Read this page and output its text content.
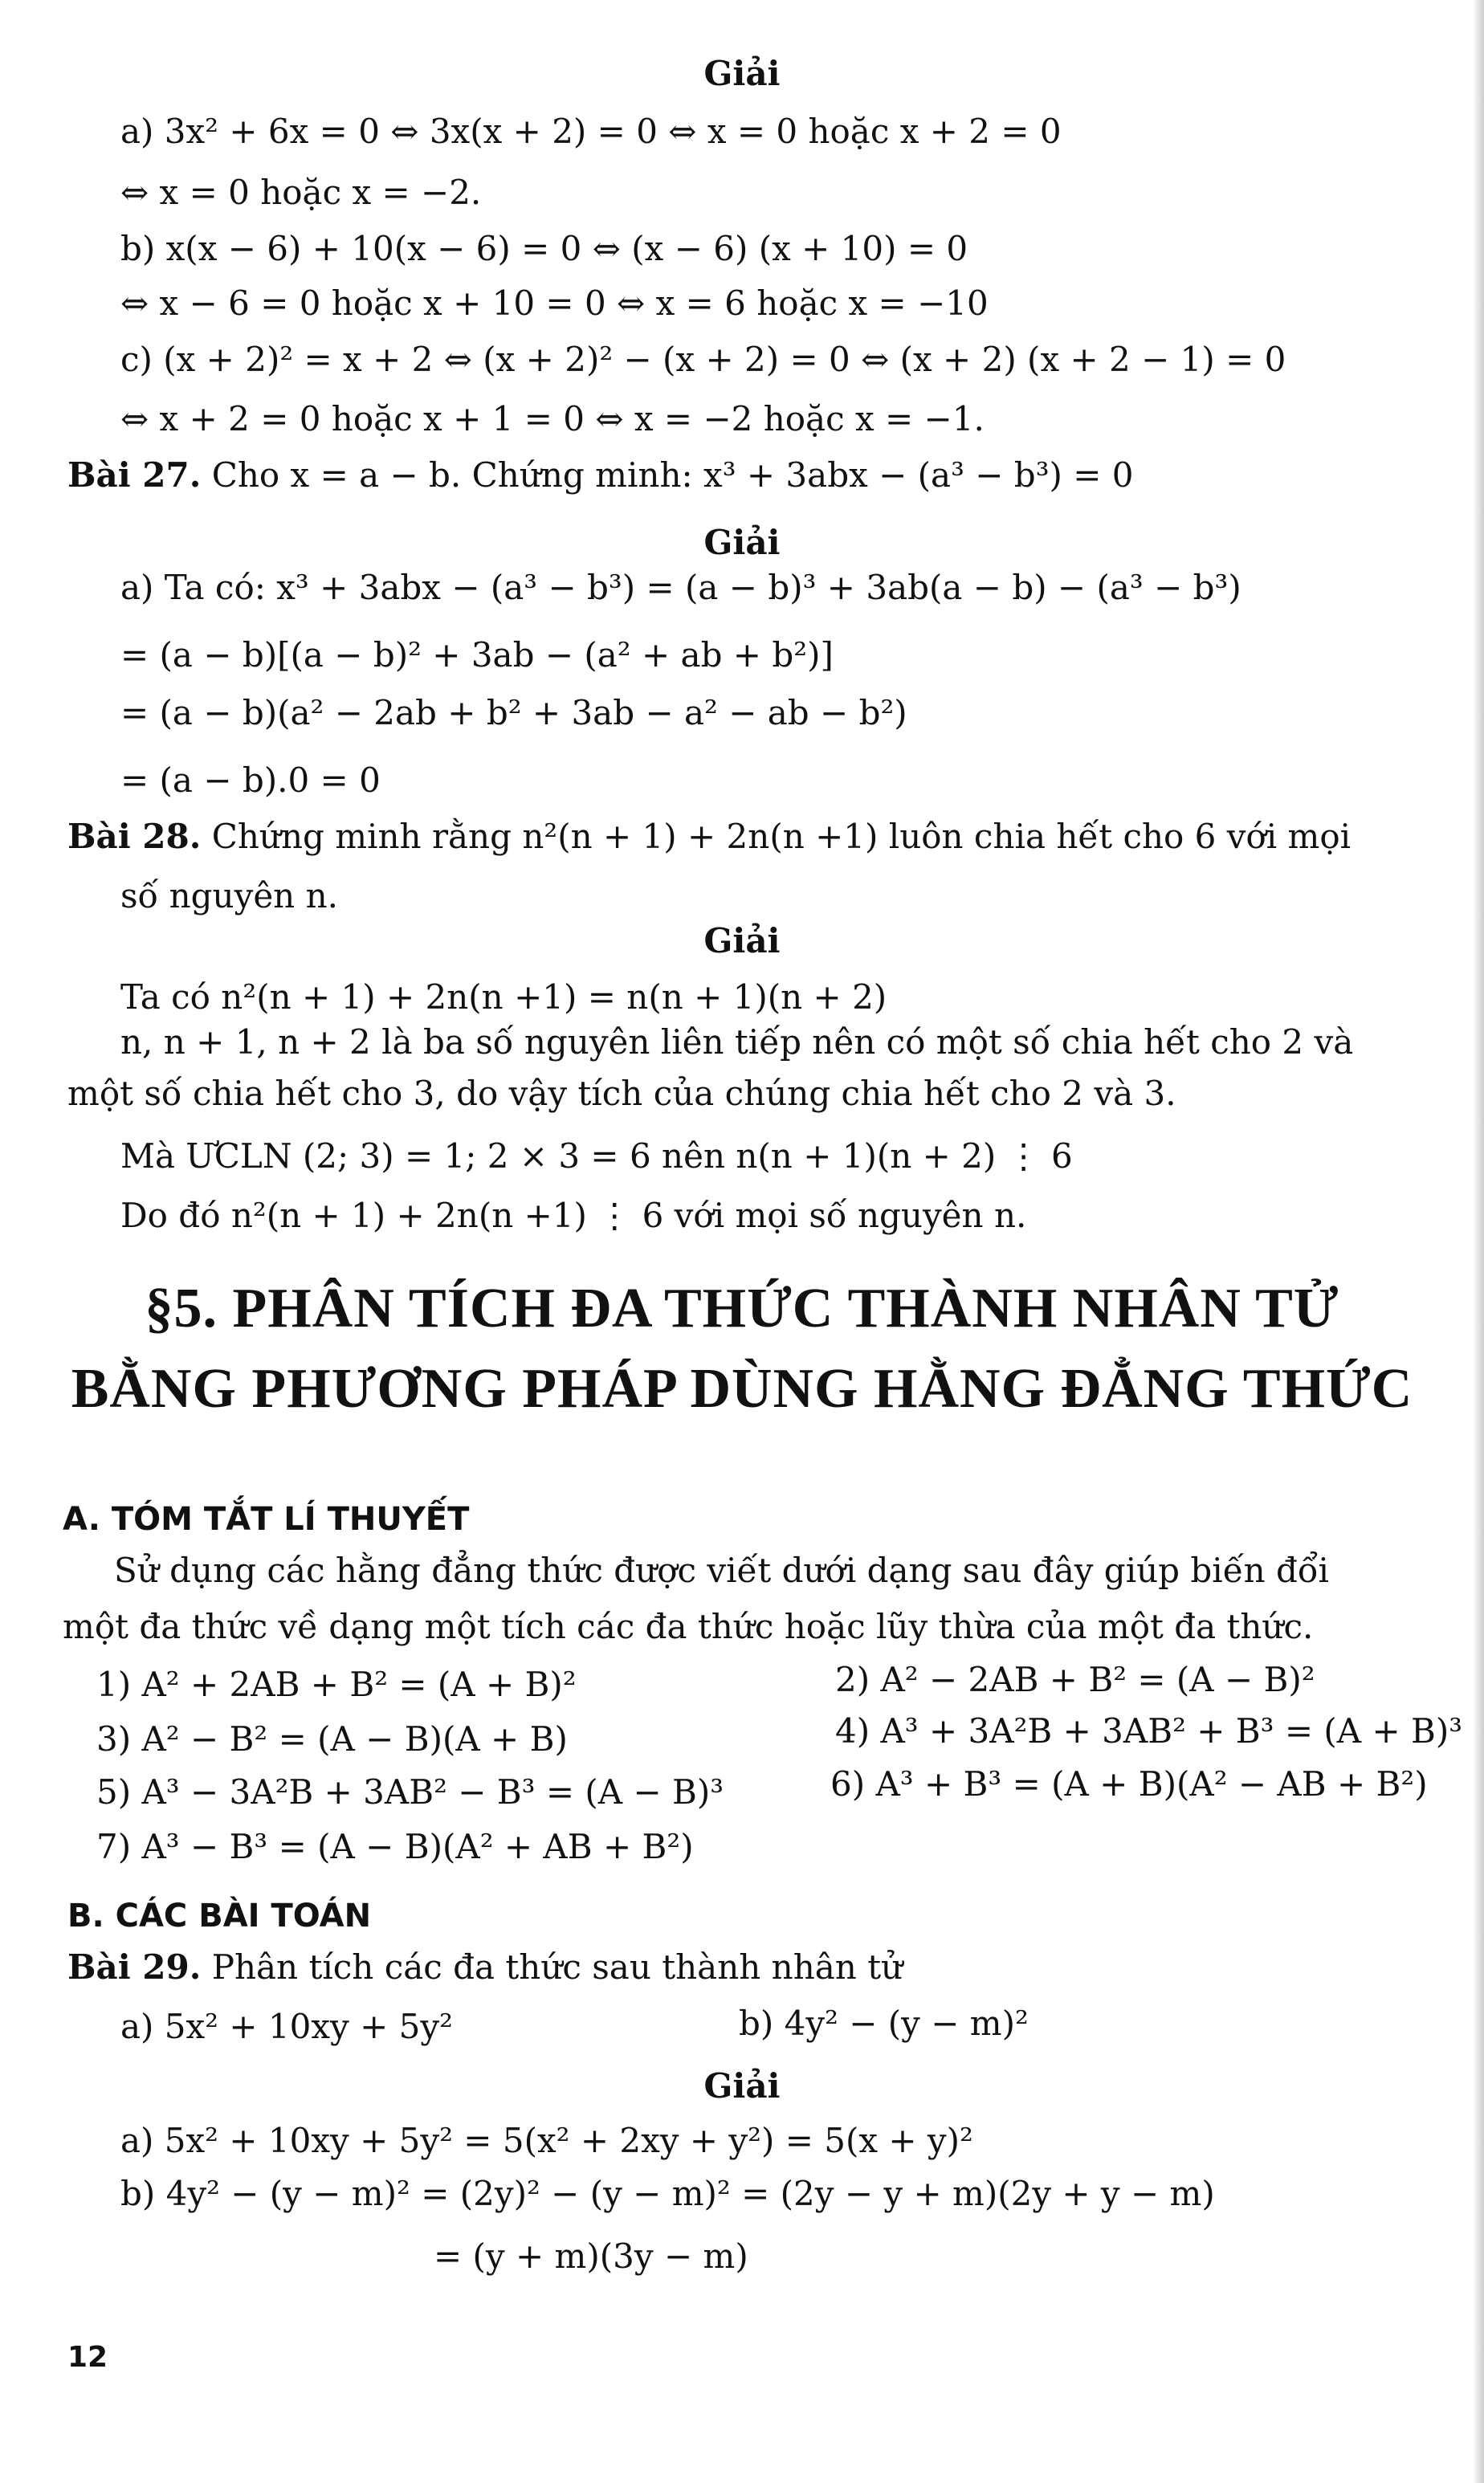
Giải
a) 3x² + 6x = 0 ⇔ 3x(x + 2) = 0 ⇔ x = 0 hoặc x + 2 = 0
⇔ x = 0 hoặc x = −2.
b) x(x − 6) + 10(x − 6) = 0 ⇔ (x − 6) (x + 10) = 0
⇔ x − 6 = 0 hoặc x + 10 = 0 ⇔ x = 6 hoặc x = −10
c) (x + 2)² = x + 2 ⇔ (x + 2)² − (x + 2) = 0 ⇔ (x + 2) (x + 2 − 1) = 0
⇔ x + 2 = 0 hoặc x + 1 = 0 ⇔ x = −2 hoặc x = −1.
Bài 27. Cho x = a − b. Chứng minh: x³ + 3abx − (a³ − b³) = 0
Giải
a) Ta có: x³ + 3abx − (a³ − b³) = (a − b)³ + 3ab(a − b) − (a³ − b³)
= (a − b)[(a − b)² + 3ab − (a² + ab + b²)]
= (a − b)(a² − 2ab + b² + 3ab − a² − ab − b²)
= (a − b).0 = 0
Bài 28. Chứng minh rằng n²(n + 1) + 2n(n +1) luôn chia hết cho 6 với mọi
số nguyên n.
Giải
Ta có n²(n + 1) + 2n(n +1) = n(n + 1)(n + 2)
n, n + 1, n + 2 là ba số nguyên liên tiếp nên có một số chia hết cho 2 và
một số chia hết cho 3, do vậy tích của chúng chia hết cho 2 và 3.
Mà ƯCLN (2; 3) = 1; 2 × 3 = 6 nên n(n + 1)(n + 2) ⋮ 6
Do đó n²(n + 1) + 2n(n +1) ⋮ 6 với mọi số nguyên n.
§5. PHÂN TÍCH ĐA THỨC THÀNH NHÂN TỬ
BẰNG PHƯƠNG PHÁP DÙNG HẰNG ĐẲNG THỨC
A. TÓM TẮT LÍ THUYẾT
Sử dụng các hằng đẳng thức được viết dưới dạng sau đây giúp biến đổi
một đa thức về dạng một tích các đa thức hoặc lũy thừa của một đa thức.
1) A² + 2AB + B² = (A + B)²	2) A² − 2AB + B² = (A − B)²
3) A² − B² = (A − B)(A + B)	4) A³ + 3A²B + 3AB² + B³ = (A + B)³
5) A³ − 3A²B + 3AB² − B³ = (A − B)³	6) A³ + B³ = (A + B)(A² − AB + B²)
7) A³ − B³ = (A − B)(A² + AB + B²)
B. CÁC BÀI TOÁN
Bài 29. Phân tích các đa thức sau thành nhân tử
a) 5x² + 10xy + 5y²	b) 4y² − (y − m)²
Giải
a) 5x² + 10xy + 5y² = 5(x² + 2xy + y²) = 5(x + y)²
b) 4y² − (y − m)² = (2y)² − (y − m)² = (2y − y + m)(2y + y − m)
= (y + m)(3y − m)
12
